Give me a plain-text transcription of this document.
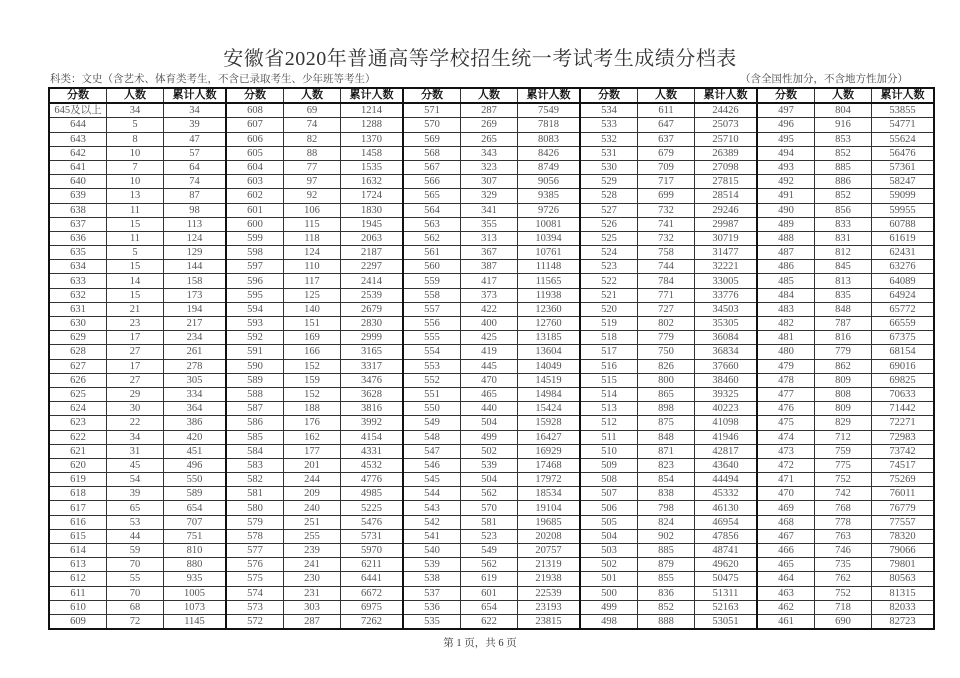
安徽省2020年普通高等学校招生统一考试考生成绩分档表
科类：文史（含艺术、体育类考生，不含已录取考生、少年班等考生）	（含全国性加分，不含地方性加分）
分数	人数	累计人数	分数	人数	累计人数	分数	人数	累计人数	分数	人数	累计人数	分数	人数	累计人数
645及以上	34	34	608	69	1214	571	287	7549	534	611	24426	497	804	53855
644	5	39	607	74	1288	570	269	7818	533	647	25073	496	916	54771
643	8	47	606	82	1370	569	265	8083	532	637	25710	495	853	55624
642	10	57	605	88	1458	568	343	8426	531	679	26389	494	852	56476
641	7	64	604	77	1535	567	323	8749	530	709	27098	493	885	57361
640	10	74	603	97	1632	566	307	9056	529	717	27815	492	886	58247
639	13	87	602	92	1724	565	329	9385	528	699	28514	491	852	59099
638	11	98	601	106	1830	564	341	9726	527	732	29246	490	856	59955
637	15	113	600	115	1945	563	355	10081	526	741	29987	489	833	60788
636	11	124	599	118	2063	562	313	10394	525	732	30719	488	831	61619
635	5	129	598	124	2187	561	367	10761	524	758	31477	487	812	62431
634	15	144	597	110	2297	560	387	11148	523	744	32221	486	845	63276
633	14	158	596	117	2414	559	417	11565	522	784	33005	485	813	64089
632	15	173	595	125	2539	558	373	11938	521	771	33776	484	835	64924
631	21	194	594	140	2679	557	422	12360	520	727	34503	483	848	65772
630	23	217	593	151	2830	556	400	12760	519	802	35305	482	787	66559
629	17	234	592	169	2999	555	425	13185	518	779	36084	481	816	67375
628	27	261	591	166	3165	554	419	13604	517	750	36834	480	779	68154
627	17	278	590	152	3317	553	445	14049	516	826	37660	479	862	69016
626	27	305	589	159	3476	552	470	14519	515	800	38460	478	809	69825
625	29	334	588	152	3628	551	465	14984	514	865	39325	477	808	70633
624	30	364	587	188	3816	550	440	15424	513	898	40223	476	809	71442
623	22	386	586	176	3992	549	504	15928	512	875	41098	475	829	72271
622	34	420	585	162	4154	548	499	16427	511	848	41946	474	712	72983
621	31	451	584	177	4331	547	502	16929	510	871	42817	473	759	73742
620	45	496	583	201	4532	546	539	17468	509	823	43640	472	775	74517
619	54	550	582	244	4776	545	504	17972	508	854	44494	471	752	75269
618	39	589	581	209	4985	544	562	18534	507	838	45332	470	742	76011
617	65	654	580	240	5225	543	570	19104	506	798	46130	469	768	76779
616	53	707	579	251	5476	542	581	19685	505	824	46954	468	778	77557
615	44	751	578	255	5731	541	523	20208	504	902	47856	467	763	78320
614	59	810	577	239	5970	540	549	20757	503	885	48741	466	746	79066
613	70	880	576	241	6211	539	562	21319	502	879	49620	465	735	79801
612	55	935	575	230	6441	538	619	21938	501	855	50475	464	762	80563
611	70	1005	574	231	6672	537	601	22539	500	836	51311	463	752	81315
610	68	1073	573	303	6975	536	654	23193	499	852	52163	462	718	82033
609	72	1145	572	287	7262	535	622	23815	498	888	53051	461	690	82723
第 1 页，共 6 页
